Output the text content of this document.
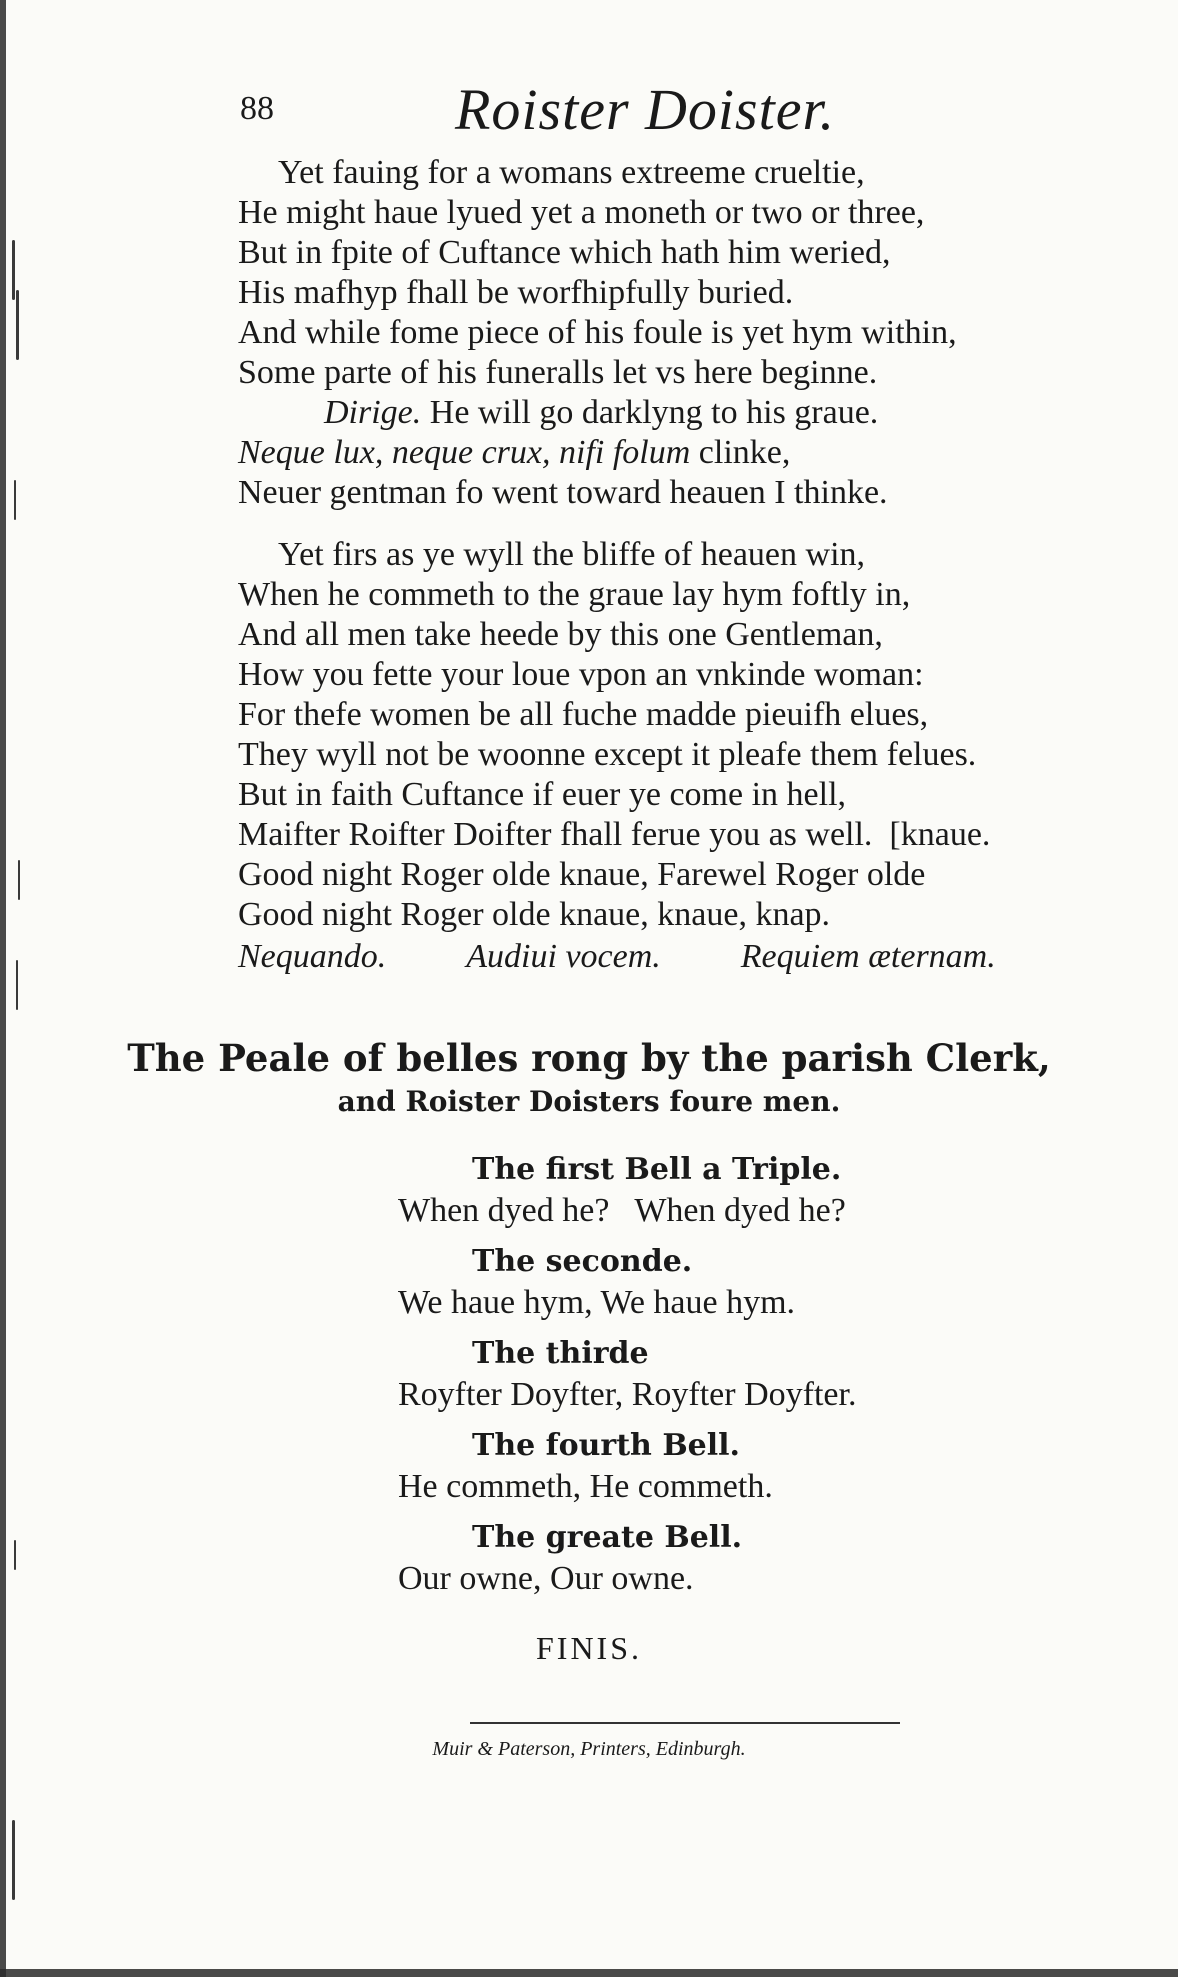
88	Roister Doister.
Yet fauing for a womans extreeme crueltie,
He might haue lyued yet a moneth or two or three,
But in fpite of Cuftance which hath him weried,
His mafhyp fhall be worfhipfully buried.
And while fome piece of his foule is yet hym within,
Some parte of his funeralls let vs here beginne.
Dirige. He will go darklyng to his graue.
Neque lux, neque crux, nifi folum clinke,
Neuer gentman fo went toward heauen I thinke.
Yet firs as ye wyll the bliffe of heauen win,
When he commeth to the graue lay hym foftly in,
And all men take heede by this one Gentleman,
How you fette your loue vpon an vnkinde woman:
For thefe women be all fuche madde pieuifh elues,
They wyll not be woonne except it pleafe them felues.
But in faith Cuftance if euer ye come in hell,
Maifter Roifter Doifter fhall ferue you as well.  [knaue.
Good night Roger olde knaue, Farewel Roger olde
Good night Roger olde knaue, knaue, knap.
Nequando. Audiui vocem. Requiem æternam.
The Peale of belles rong by the parish Clerk,
and Roister Doisters foure men.
The first Bell a Triple.
When dyed he?   When dyed he?
The seconde.
We haue hym, We haue hym.
The thirde
Royfter Doyfter, Royfter Doyfter.
The fourth Bell.
He commeth, He commeth.
The greate Bell.
Our owne, Our owne.
FINIS.
Muir & Paterson, Printers, Edinburgh.
